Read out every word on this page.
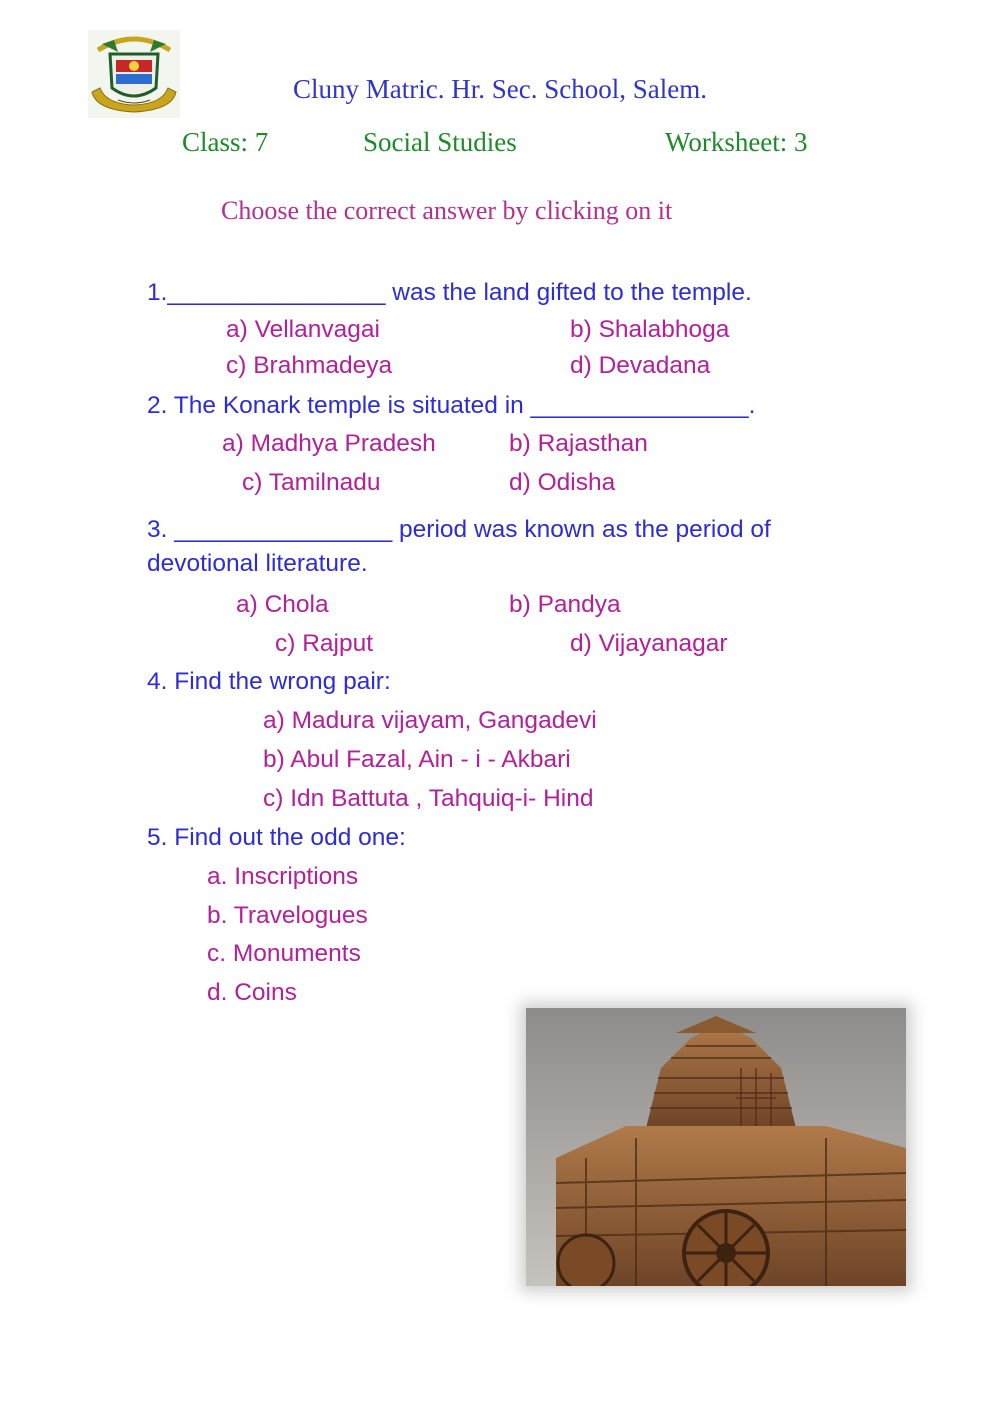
Cluny Matric. Hr. Sec. School, Salem.
Class: 7	Social Studies	Worksheet: 3
Choose the correct answer by clicking on it
1.________________ was the land gifted to the temple.
a) Vellanvagai	b) Shalabhoga
c) Brahmadeya	d) Devadana
2. The Konark temple is situated in ________________.
a) Madhya Pradesh	b) Rajasthan
c) Tamilnadu	d) Odisha
3. ________________ period was known as the period of
devotional literature.
a) Chola	b) Pandya
c) Rajput	d) Vijayanagar
4. Find the wrong pair:
a) Madura vijayam, Gangadevi
b) Abul Fazal, Ain - i - Akbari
c) Idn Battuta , Tahquiq-i- Hind
5. Find out the odd one:
a. Inscriptions
b. Travelogues
c. Monuments
d. Coins
